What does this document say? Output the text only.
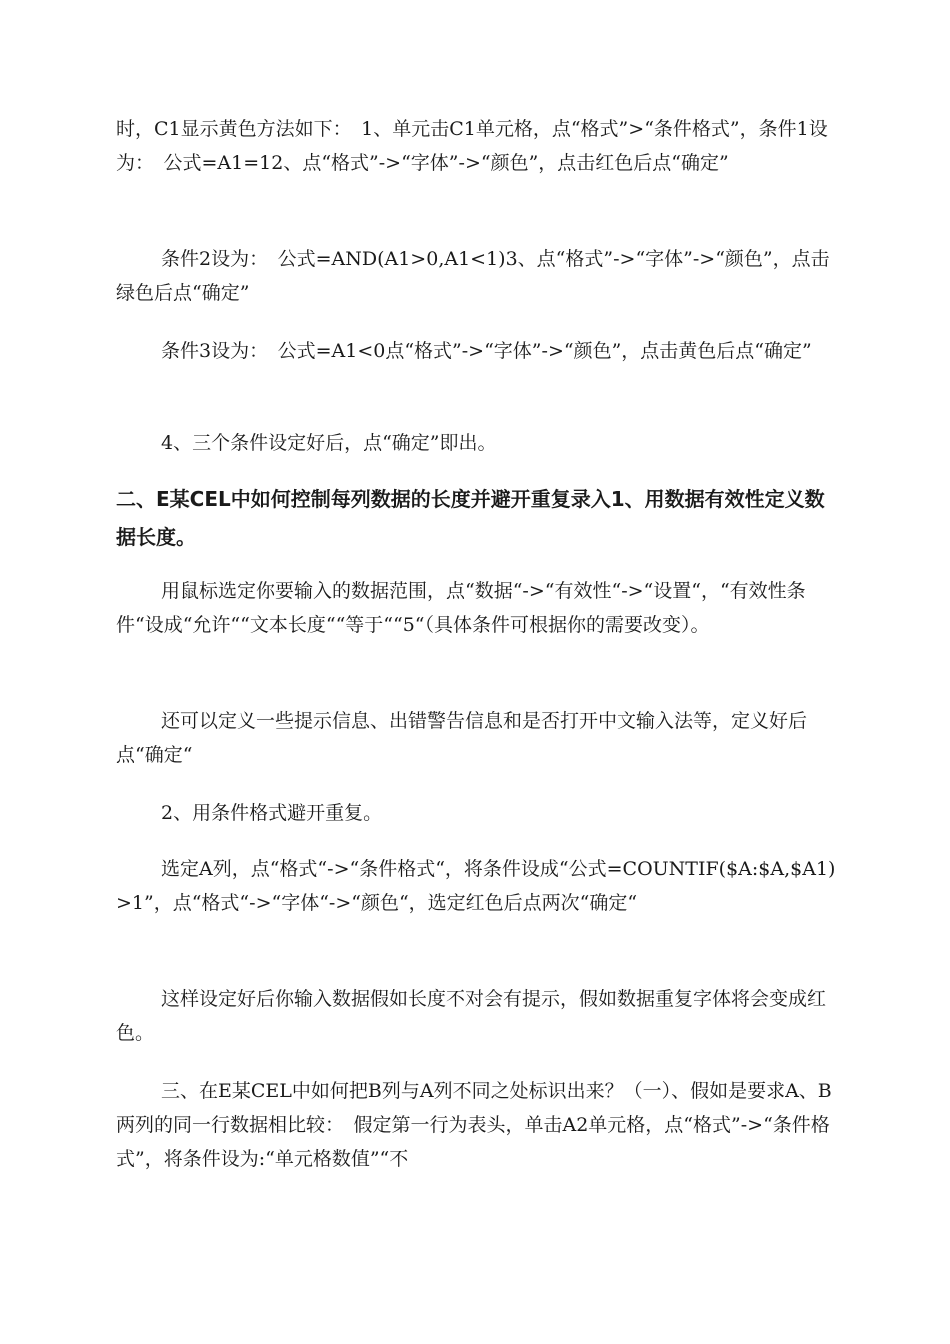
时，C1显示黄色方法如下：　1、单元击C1单元格，点“格式”>“条件格式”，条件1设为：　公式=A1=12、点“格式”->“字体”->“颜色”，点击红色后点“确定”

条件2设为：　公式=AND(A1>0,A1<1)3、点“格式”->“字体”->“颜色”，点击绿色后点“确定”

条件3设为：　公式=A1<0点“格式”->“字体”->“颜色”，点击黄色后点“确定”

4、三个条件设定好后，点“确定”即出。

二、E某CEL中如何控制每列数据的长度并避开重复录入1、用数据有效性定义数据长度。

用鼠标选定你要输入的数据范围，点“数据“->“有效性“->“设置“，“有效性条件“设成“允许““文本长度““等于““5“（具体条件可根据你的需要改变）。

还可以定义一些提示信息、出错警告信息和是否打开中文输入法等，定义好后点“确定“

2、用条件格式避开重复。

选定A列，点“格式“->“条件格式“，将条件设成“公式=COUNTIF($A:$A,$A1)>1”，点“格式“->“字体“->“颜色“，选定红色后点两次“确定“

这样设定好后你输入数据假如长度不对会有提示，假如数据重复字体将会变成红色。

三、在E某CEL中如何把B列与A列不同之处标识出来？（一）、假如是要求A、B两列的同一行数据相比较：　假定第一行为表头，单击A2单元格，点“格式”->“条件格式”，将条件设为:“单元格数值”“不
